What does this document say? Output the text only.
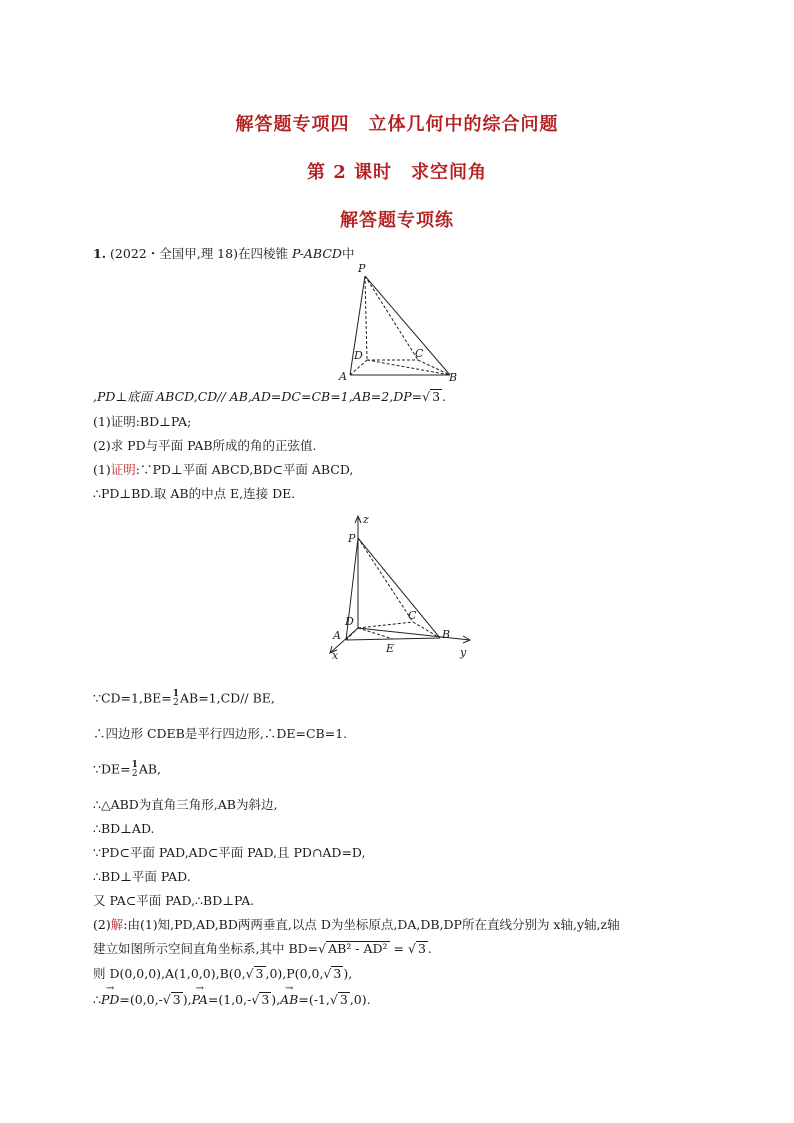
解答题专项四　立体几何中的综合问题
第 2 课时　求空间角
解答题专项练
1. (2022・全国甲,理 18)在四棱锥 P-ABCD中
P
D	C
A	B
,PD⊥底面 ABCD,CD// AB,AD=DC=CB=1,AB=2,DP=√ 3 .
(1)证明:BD⊥PA;
(2)求 PD与平面 PAB所成的角的正弦值.
(1)证明:∵PD⊥平面 ABCD,BD⊂平面 ABCD,
∴PD⊥BD.取 AB的中点 E,连接 DE.
z
P
D	C
A	B
E	y
x
∵CD=1,BE= 1
2 AB=1,CD// BE,
∴四边形 CDEB是平行四边形,∴DE=CB=1.
∵DE= 1
2 AB,
∴△ABD为直角三角形,AB为斜边,
∴BD⊥AD.
∵PD⊂平面 PAD,AD⊂平面 PAD,且 PD∩AD=D,
∴BD⊥平面 PAD.
又 PA⊂平面 PAD,∴BD⊥PA.
(2)解:由(1)知,PD,AD,BD两两垂直,以点 D为坐标原点,DA,DB,DP所在直线分别为 x轴,y轴,z轴
建立如图所示空间直角坐标系,其中 BD=√ AB² - AD² = √ 3 .
则 D(0,0,0),A(1,0,0),B(0,√ 3 ,0),P(0,0,√ 3 ),
∴→ PD=(0,0,-√ 3 ),→ PA=(1,0,-√ 3 ),→ AB=(-1,√ 3 ,0).
